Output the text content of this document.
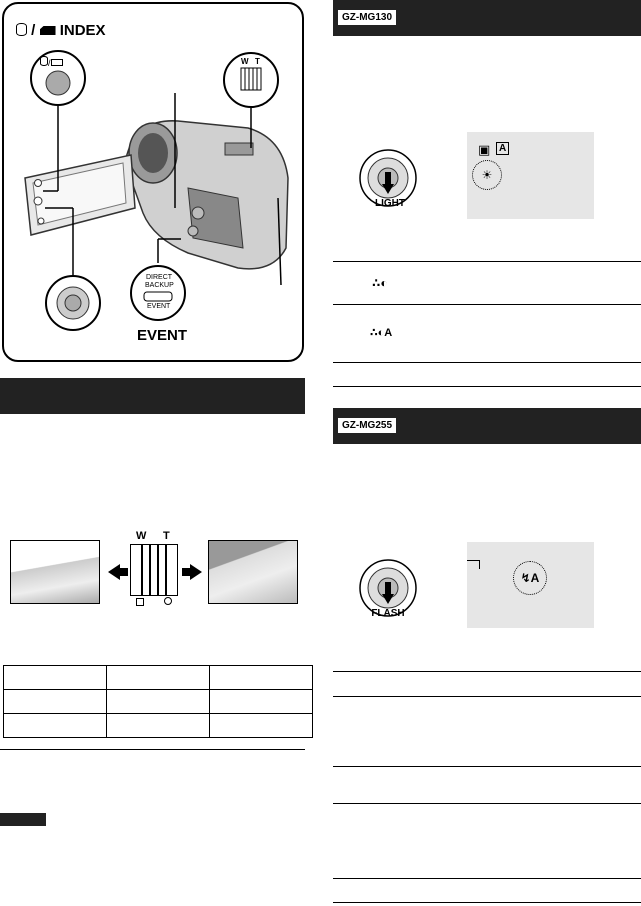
/ INDEX
/	W T
DIRECT
BACKUP
EVENT
EVENT
W T

GZ-MG130
▣ A
☀
LIGHT
∴◐
∴◐A
GZ-MG255
↯A
FLASH
